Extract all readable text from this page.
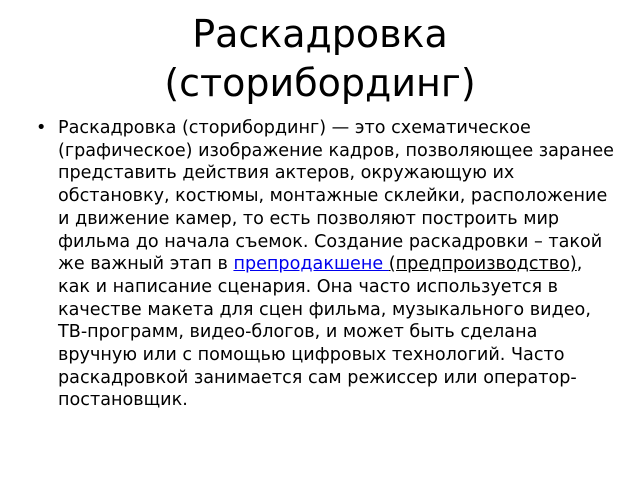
Раскадровка
(сторибординг)

• Раскадровка (сторибординг) — это схематическое (графическое) изображение кадров, позволяющее заранее представить действия актеров, окружающую их обстановку, костюмы, монтажные склейки, расположение и движение камер, то есть позволяют построить мир фильма до начала съемок. Создание раскадровки – такой же важный этап в препродакшене (предпроизводство), как и написание сценария. Она часто используется в качестве макета для сцен фильма, музыкального видео, ТВ-программ, видео-блогов, и может быть сделана вручную или с помощью цифровых технологий. Часто раскадровкой занимается сам режиссер или оператор-постановщик.
